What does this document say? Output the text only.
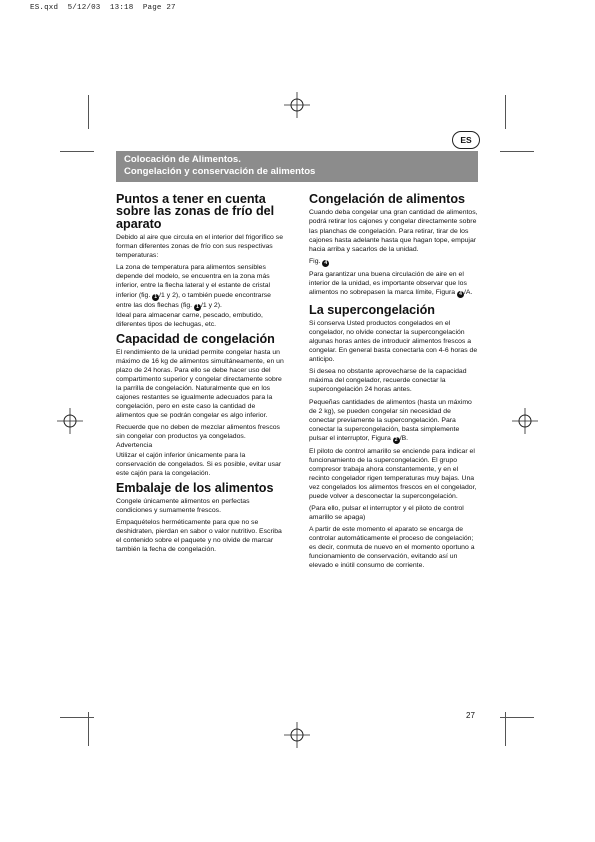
ES.qxd  5/12/03  13:18  Page 27
ES
Colocación de Alimentos.
Congelación y conservación de alimentos
Puntos a tener en cuenta sobre las zonas de frío del aparato

Debido al aire que circula en el interior del frigorífico se forman diferentes zonas de frío con sus respectivas temperaturas:

La zona de temperatura para alimentos sensibles depende del modelo, se encuentra en la zona más inferior, entre la flecha lateral y el estante de cristal inferior (fig. 1 /1 y 2), o también puede encontrarse entre las dos flechas (fig. 1 /1 y 2).
Ideal para almacenar carne, pescado, embutido, diferentes tipos de lechugas, etc.

Capacidad de congelación

El rendimiento de la unidad permite congelar hasta un máximo de 16 kg de alimentos simultáneamente, en un plazo de 24 horas. Para ello se debe hacer uso del compartimento superior y congelar directamente sobre la parrilla de congelación. Naturalmente que en los cajones restantes se igualmente adecuados para la congelación, pero en este caso la cantidad de alimentos que se podrán congelar es algo inferior.

Recuerde que no deben de mezclar alimentos frescos sin congelar con productos ya congelados.

Advertencia

Utilizar el cajón inferior únicamente para la conservación de congelados. Si es posible, evitar usar este cajón para la congelación.

Embalaje de los alimentos

Congele únicamente alimentos en perfectas condiciones y sumamente frescos.

Empaquételos herméticamente para que no se deshidraten, pierdan en sabor o valor nutritivo. Escriba el contenido sobre el paquete y no olvide de marcar también la fecha de congelación.

Congelación de alimentos

Cuando deba congelar una gran cantidad de alimentos, podrá retirar los cajones y congelar directamente sobre las planchas de congelación. Para retirar, tirar de los cajones hasta adelante hasta que hagan tope, empujar hacia arriba y sacarlos de la unidad.

Fig. 4

Para garantizar una buena circulación de aire en el interior de la unidad, es importante observar que los alimentos no sobrepasen la marca límite, Figura 4 /A.

La supercongelación

Si conserva Usted productos congelados en el congelador, no olvide conectar la supercongelación algunas horas antes de introducir alimentos frescos a congelar. En general basta conectarla con 4-6 horas de anticipo.

Si desea no obstante aprovecharse de la capacidad máxima del congelador, recuerde conectar la supercongelación 24 horas antes.

Pequeñas cantidades de alimentos (hasta un máximo de 2 kg), se pueden congelar sin necesidad de conectar previamente la supercongelación. Para conectar la supercongelación, basta simplemente pulsar el interruptor, Figura 2 /B.

El piloto de control amarillo se enciende para indicar el funcionamiento de la supercongelación. El grupo compresor trabaja ahora constantemente, y en el recinto congelador rigen temperaturas muy bajas. Una vez congelados los alimentos frescos en el congelador, puede volver a desconectar la supercongelación.

(Para ello, pulsar el interruptor y el piloto de control amarillo se apaga)

A partir de este momento el aparato se encarga de controlar automáticamente el proceso de congelación; es decir, conmuta de nuevo en el momento oportuno a funcionamiento de conservación, evitando así un elevado e inútil consumo de corriente.

27
